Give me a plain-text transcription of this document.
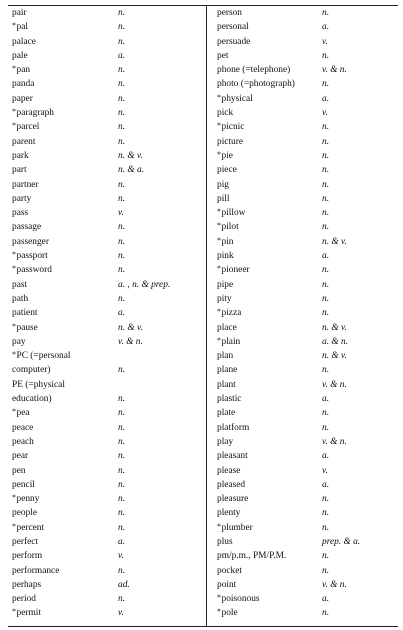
pair	n.
*pal	n.
palace	n.
pale	a.
*pan	n.
panda	n.
paper	n.
*paragraph	n.
*parcel	n.
parent	n.
park	n. & v.
part	n. & a.
partner	n.
party	n.
pass	v.
passage	n.
passenger	n.
*passport	n.
*password	n.
past	a. , n. & prep.
path	n.
patient	a.
*pause	n. & v.
pay	v. & n.
*PC (=personal
computer)	n.
PE (=physical
education)	n.
*pea	n.
peace	n.
peach	n.
pear	n.
pen	n.
pencil	n.
*penny	n.
people	n.
*percent	n.
perfect	a.
perform	v.
performance	n.
perhaps	ad.
period	n.
*permit	v.
person	n.
personal	a.
persuade	v.
pet	n.
phone (=telephone)	v. & n.
photo (=photograph)	n.
*physical	a.
pick	v.
*picnic	n.
picture	n.
*pie	n.
piece	n.
pig	n.
pill	n.
*pillow	n.
*pilot	n.
*pin	n. & v.
pink	a.
*pioneer	n.
pipe	n.
pity	n.
*pizza	n.
place	n. & v.
*plain	a. & n.
plan	n. & v.
plane	n.
plant	v. & n.
plastic	a.
plate	n.
platform	n.
play	v. & n.
pleasant	a.
please	v.
pleased	a.
pleasure	n.
plenty	n.
*plumber	n.
plus	prep. & a.
pm/p.m., PM/P.M.	n.
pocket	n.
point	v. & n.
*poisonous	a.
*pole	n.
